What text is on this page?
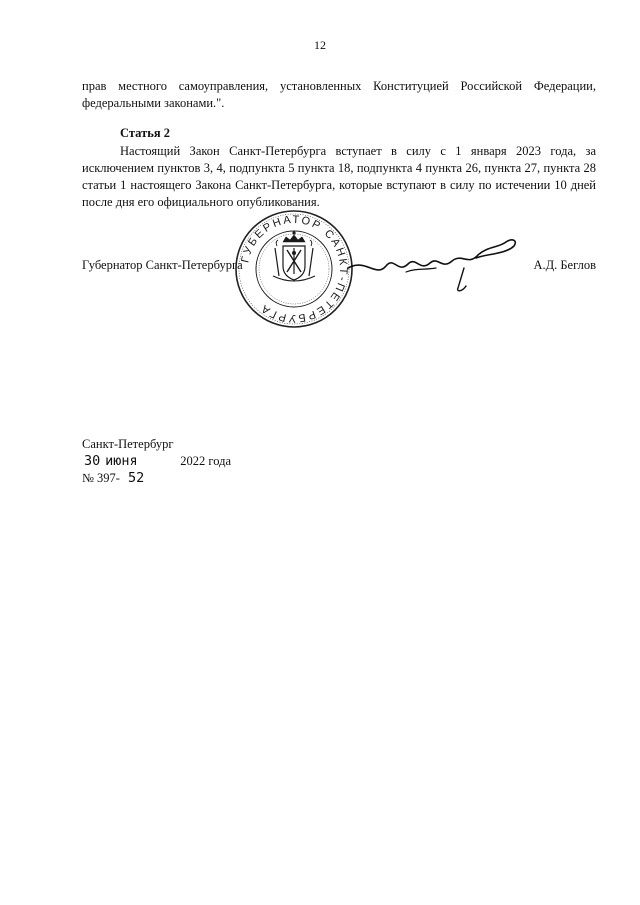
12
прав местного самоуправления, установленных Конституцией Российской Федерации, федеральными законами.".
Статья 2
Настоящий Закон Санкт-Петербурга вступает в силу с 1 января 2023 года, за исключением пунктов 3, 4, подпункта 5 пункта 18, подпункта 4 пункта 26, пункта 27, пункта 28 статьи 1 настоящего Закона Санкт-Петербурга, которые вступают в силу по истечении 10 дней после дня его официального опубликования.
Губернатор Санкт-Петербурга	А.Д. Беглов
ГУБЕРНАТОР САНКТ-ПЕТЕРБУРГА
Санкт-Петербург
30 июня	2022 года
№ 397- 52
